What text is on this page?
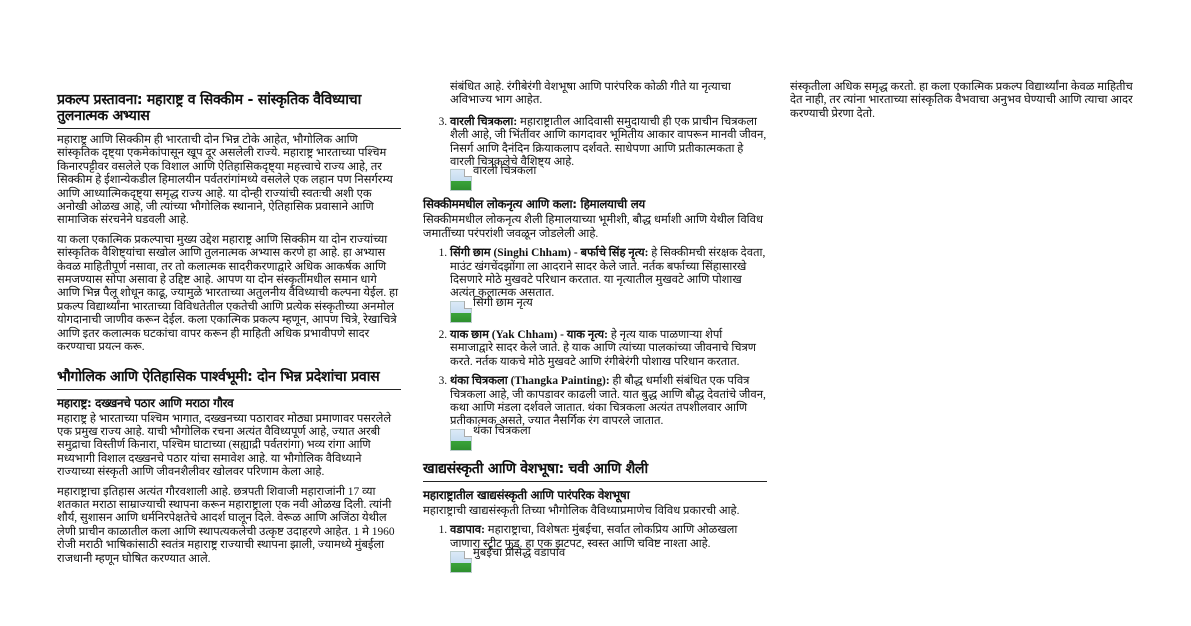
प्रकल्प प्रस्तावना: महाराष्ट्र व सिक्कीम - सांस्कृतिक वैविध्याचा तुलनात्मक अभ्यास

महाराष्ट्र आणि सिक्कीम ही भारताची दोन भिन्न टोके आहेत, भौगोलिक आणि सांस्कृतिक दृष्ट्या एकमेकांपासून खूप दूर असलेली राज्ये. महाराष्ट्र भारताच्या पश्चिम किनारपट्टीवर वसलेले एक विशाल आणि ऐतिहासिकदृष्ट्या महत्त्वाचे राज्य आहे, तर सिक्कीम हे ईशान्येकडील हिमालयीन पर्वतरांगांमध्ये वसलेले एक लहान पण निसर्गरम्य आणि आध्यात्मिकदृष्ट्या समृद्ध राज्य आहे. या दोन्ही राज्यांची स्वतःची अशी एक अनोखी ओळख आहे, जी त्यांच्या भौगोलिक स्थानाने, ऐतिहासिक प्रवासाने आणि सामाजिक संरचनेने घडवली आहे.

या कला एकात्मिक प्रकल्पाचा मुख्य उद्देश महाराष्ट्र आणि सिक्कीम या दोन राज्यांच्या सांस्कृतिक वैशिष्ट्यांचा सखोल आणि तुलनात्मक अभ्यास करणे हा आहे. हा अभ्यास केवळ माहितीपूर्ण नसावा, तर तो कलात्मक सादरीकरणाद्वारे अधिक आकर्षक आणि समजण्यास सोपा असावा हे उद्दिष्ट आहे. आपण या दोन संस्कृतींमधील समान धागे आणि भिन्न पैलू शोधून काढू, ज्यामुळे भारताच्या अतुलनीय वैविध्याची कल्पना येईल. हा प्रकल्प विद्यार्थ्यांना भारताच्या विविधतेतील एकतेची आणि प्रत्येक संस्कृतीच्या अनमोल योगदानाची जाणीव करून देईल. कला एकात्मिक प्रकल्प म्हणून, आपण चित्रे, रेखाचित्रे आणि इतर कलात्मक घटकांचा वापर करून ही माहिती अधिक प्रभावीपणे सादर करण्याचा प्रयत्न करू.

भौगोलिक आणि ऐतिहासिक पार्श्वभूमी: दोन भिन्न प्रदेशांचा प्रवास
महाराष्ट्र: दख्खनचे पठार आणि मराठा गौरव

महाराष्ट्र हे भारताच्या पश्चिम भागात, दख्खनच्या पठारावर मोठ्या प्रमाणावर पसरलेले एक प्रमुख राज्य आहे. याची भौगोलिक रचना अत्यंत वैविध्यपूर्ण आहे, ज्यात अरबी समुद्राचा विस्तीर्ण किनारा, पश्चिम घाटाच्या (सह्याद्री पर्वतरांगा) भव्य रांगा आणि मध्यभागी विशाल दख्खनचे पठार यांचा समावेश आहे. या भौगोलिक वैविध्याने राज्याच्या संस्कृती आणि जीवनशैलीवर खोलवर परिणाम केला आहे.

महाराष्ट्राचा इतिहास अत्यंत गौरवशाली आहे. छत्रपती शिवाजी महाराजांनी 17 व्या शतकात मराठा साम्राज्याची स्थापना करून महाराष्ट्राला एक नवी ओळख दिली. त्यांनी शौर्य, सुशासन आणि धर्मनिरपेक्षतेचे आदर्श घालून दिले. वेरूळ आणि अजिंठा येथील लेणी प्राचीन काळातील कला आणि स्थापत्यकलेची उत्कृष्ट उदाहरणे आहेत. 1 मे 1960 रोजी मराठी भाषिकांसाठी स्वतंत्र महाराष्ट्र राज्याची स्थापना झाली, ज्यामध्ये मुंबईला राजधानी म्हणून घोषित करण्यात आले.

संबंधित आहे. रंगीबेरंगी वेशभूषा आणि पारंपरिक कोळी गीते या नृत्याचा अविभाज्य भाग आहेत.

3. वारली चित्रकला: महाराष्ट्रातील आदिवासी समुदायाची ही एक प्राचीन चित्रकला शैली आहे, जी भिंतींवर आणि कागदावर भूमितीय आकार वापरून मानवी जीवन, निसर्ग आणि दैनंदिन क्रियाकलाप दर्शवते. साधेपणा आणि प्रतीकात्मकता हे वारली चित्रकलेचे वैशिष्ट्य आहे.
वारली चित्रकला
सिक्कीममधील लोकनृत्य आणि कला: हिमालयाची लय

सिक्कीममधील लोकनृत्य शैली हिमालयाच्या भूमीशी, बौद्ध धर्माशी आणि येथील विविध जमातींच्या परंपरांशी जवळून जोडलेली आहे.

1. सिंगी छाम (Singhi Chham) - बर्फाचे सिंह नृत्य: हे सिक्कीमची संरक्षक देवता, माउंट खंगचेंदझोंगा ला आदराने सादर केले जाते. नर्तक बर्फाच्या सिंहासारखे दिसणारे मोठे मुखवटे परिधान करतात. या नृत्यातील मुखवटे आणि पोशाख अत्यंत कलात्मक असतात.
सिंगी छाम नृत्य
2. याक छाम (Yak Chham) - याक नृत्य: हे नृत्य याक पाळणाऱ्या शेर्पा समाजाद्वारे सादर केले जाते. हे याक आणि त्यांच्या पालकांच्या जीवनाचे चित्रण करते. नर्तक याकचे मोठे मुखवटे आणि रंगीबेरंगी पोशाख परिधान करतात.
3. थंका चित्रकला (Thangka Painting): ही बौद्ध धर्माशी संबंधित एक पवित्र चित्रकला आहे, जी कापडावर काढली जाते. यात बुद्ध आणि बौद्ध देवतांचे जीवन, कथा आणि मंडला दर्शवले जातात. थंका चित्रकला अत्यंत तपशीलवार आणि प्रतीकात्मक असते, ज्यात नैसर्गिक रंग वापरले जातात.
थंका चित्रकला
खाद्यसंस्कृती आणि वेशभूषा: चवी आणि शैली
महाराष्ट्रातील खाद्यसंस्कृती आणि पारंपरिक वेशभूषा

महाराष्ट्राची खाद्यसंस्कृती तिच्या भौगोलिक वैविध्याप्रमाणेच विविध प्रकारची आहे.

1. वडापाव: महाराष्ट्राचा, विशेषतः मुंबईचा, सर्वात लोकप्रिय आणि ओळखला जाणारा स्ट्रीट फूड. हा एक झटपट, स्वस्त आणि चविष्ट नाश्ता आहे.
मुंबईचा प्रसिद्ध वडापाव

संस्कृतीला अधिक समृद्ध करतो. हा कला एकात्मिक प्रकल्प विद्यार्थ्यांना केवळ माहितीच देत नाही, तर त्यांना भारताच्या सांस्कृतिक वैभवाचा अनुभव घेण्याची आणि त्याचा आदर करण्याची प्रेरणा देतो.
